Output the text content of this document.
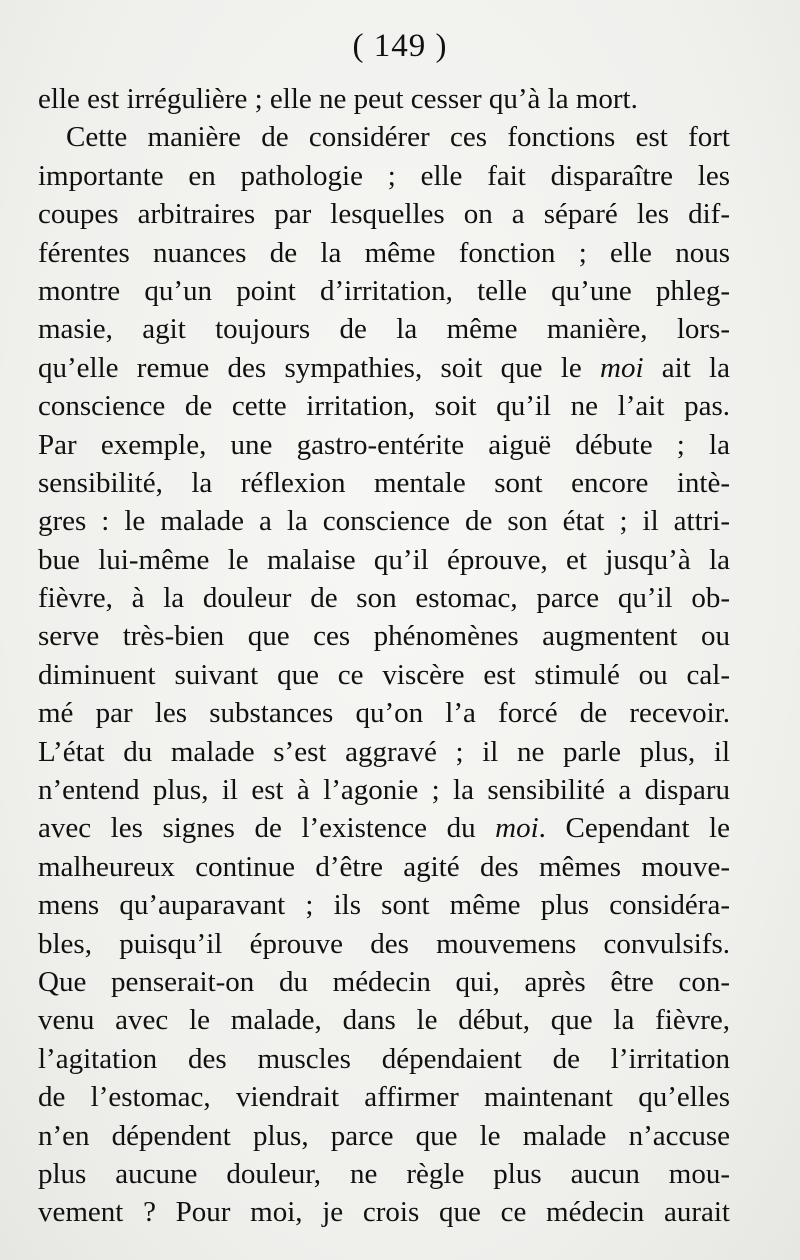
( 149 )
elle est irrégulière ; elle ne peut cesser qu’à la mort.
Cette manière de considérer ces fonctions est fort
importante en pathologie ; elle fait disparaître les
coupes arbitraires par lesquelles on a séparé les dif-
férentes nuances de la même fonction ; elle nous
montre qu’un point d’irritation, telle qu’une phleg-
masie, agit toujours de la même manière, lors-
qu’elle remue des sympathies, soit que le moi ait la
conscience de cette irritation, soit qu’il ne l’ait pas.
Par exemple, une gastro-entérite aiguë débute ; la
sensibilité, la réflexion mentale sont encore intè-
gres : le malade a la conscience de son état ; il attri-
bue lui-même le malaise qu’il éprouve, et jusqu’à la
fièvre, à la douleur de son estomac, parce qu’il ob-
serve très-bien que ces phénomènes augmentent ou
diminuent suivant que ce viscère est stimulé ou cal-
mé par les substances qu’on l’a forcé de recevoir.
L’état du malade s’est aggravé ; il ne parle plus, il
n’entend plus, il est à l’agonie ; la sensibilité a disparu
avec les signes de l’existence du moi. Cependant le
malheureux continue d’être agité des mêmes mouve-
mens qu’auparavant ; ils sont même plus considéra-
bles, puisqu’il éprouve des mouvemens convulsifs.
Que penserait-on du médecin qui, après être con-
venu avec le malade, dans le début, que la fièvre,
l’agitation des muscles dépendaient de l’irritation
de l’estomac, viendrait affirmer maintenant qu’elles
n’en dépendent plus, parce que le malade n’accuse
plus aucune douleur, ne règle plus aucun mou-
vement ? Pour moi, je crois que ce médecin aurait
